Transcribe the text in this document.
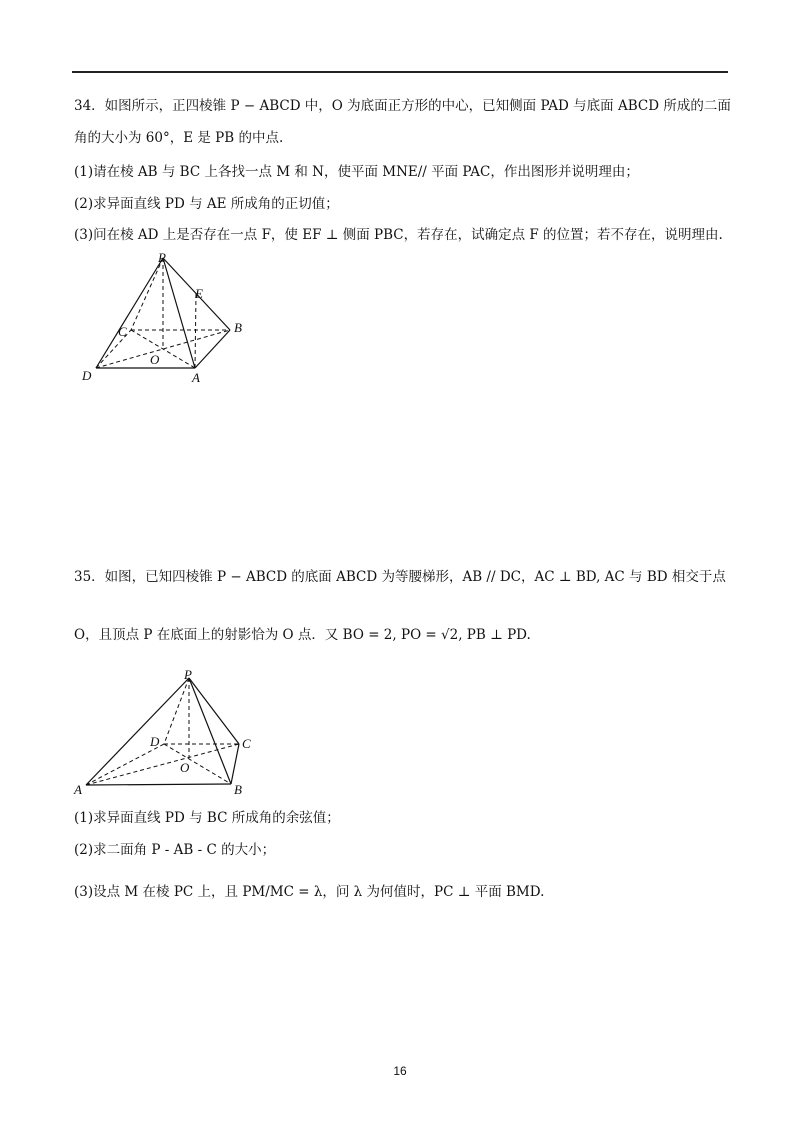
34．如图所示，正四棱锥 P − ABCD 中，O 为底面正方形的中心，已知侧面 PAD 与底面 ABCD 所成的二面
角的大小为 60°，E 是 PB 的中点.
(1)请在棱 AB 与 BC 上各找一点 M 和 N，使平面 MNE// 平面 PAC，作出图形并说明理由；
(2)求异面直线 PD 与 AE 所成角的正切值；
(3)问在棱 AD 上是否存在一点 F，使 EF ⊥ 侧面 PBC，若存在，试确定点 F 的位置；若不存在，说明理由.
P
E
B
C
O
D	A
35．如图，已知四棱锥 P − ABCD 的底面 ABCD 为等腰梯形，AB // DC，AC ⊥ BD, AC 与 BD 相交于点
O，且顶点 P 在底面上的射影恰为 O 点．又 BO = 2, PO = √2, PB ⊥ PD.
P
D	C
O
A	B
(1)求异面直线 PD 与 BC 所成角的余弦值；
(2)求二面角 P - AB - C 的大小；
(3)设点 M 在棱 PC 上，且 PM/MC = λ，问 λ 为何值时，PC ⊥ 平面 BMD.
16
